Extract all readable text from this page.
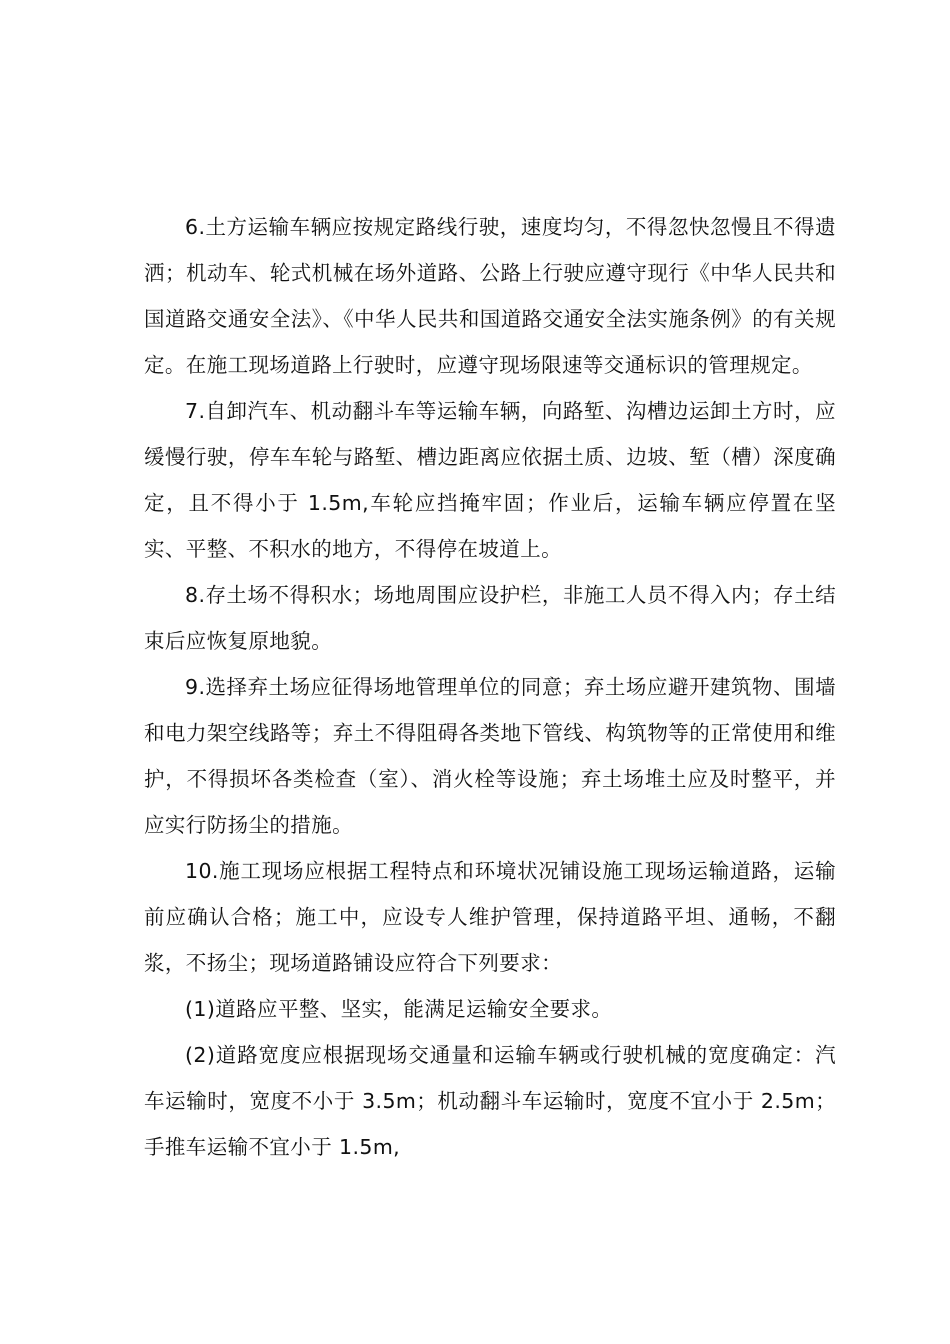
6.土方运输车辆应按规定路线行驶，速度均匀，不得忽快忽慢且不得遗洒；机动车、轮式机械在场外道路、公路上行驶应遵守现行《中华人民共和国道路交通安全法》、《中华人民共和国道路交通安全法实施条例》的有关规定。在施工现场道路上行驶时，应遵守现场限速等交通标识的管理规定。

7.自卸汽车、机动翻斗车等运输车辆，向路堑、沟槽边运卸土方时，应缓慢行驶，停车车轮与路堑、槽边距离应依据土质、边坡、堑（槽）深度确定，且不得小于 1.5m,车轮应挡掩牢固；作业后，运输车辆应停置在坚实、平整、不积水的地方，不得停在坡道上。

8.存土场不得积水；场地周围应设护栏，非施工人员不得入内；存土结束后应恢复原地貌。

9.选择弃土场应征得场地管理单位的同意；弃土场应避开建筑物、围墙和电力架空线路等；弃土不得阻碍各类地下管线、构筑物等的正常使用和维护，不得损坏各类检查（室）、消火栓等设施；弃土场堆土应及时整平，并应实行防扬尘的措施。

10.施工现场应根据工程特点和环境状况铺设施工现场运输道路，运输前应确认合格；施工中，应设专人维护管理，保持道路平坦、通畅，不翻浆，不扬尘；现场道路铺设应符合下列要求：

(1)道路应平整、坚实，能满足运输安全要求。

(2)道路宽度应根据现场交通量和运输车辆或行驶机械的宽度确定：汽车运输时，宽度不小于 3.5m；机动翻斗车运输时，宽度不宜小于 2.5m；手推车运输不宜小于 1.5m,
